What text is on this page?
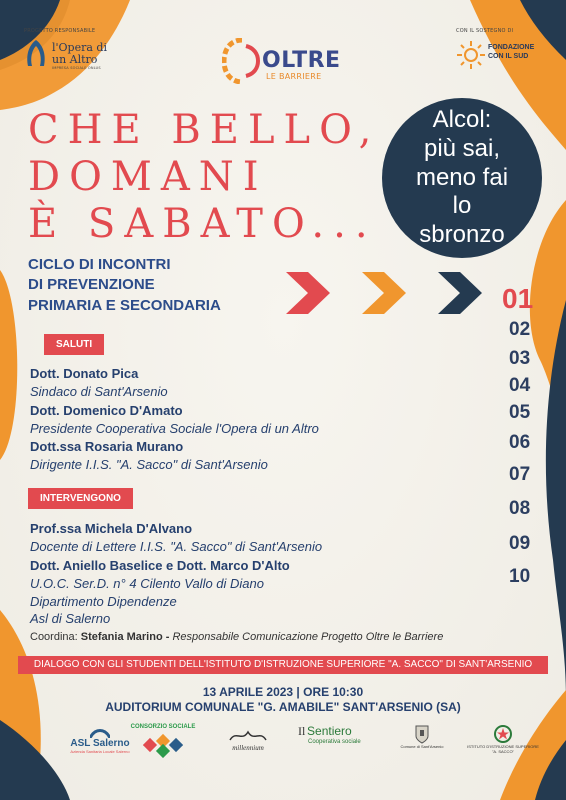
PROGETTO RESPONSABILE
l'Opera di un Altro
IMPRESA SOCIALE ONLUS	OLTRE
LE BARRIERE
CON IL SOSTEGNO DI
FONDAZIONE
CON IL SUD
CHE BELLO,
DOMANI
È SABATO...
Alcol:
più sai,
meno fai
lo
sbronzo
CICLO DI INCONTRI
DI PREVENZIONE
PRIMARIA E SECONDARIA	01
02
03
04
05
06
07
08
09
10
SALUTI
Dott. Donato Pica
Sindaco di Sant'Arsenio
Dott. Domenico D'Amato
Presidente Cooperativa Sociale l'Opera di un Altro
Dott.ssa Rosaria Murano
Dirigente I.I.S. "A. Sacco" di Sant'Arsenio
INTERVENGONO
Prof.ssa Michela D'Alvano
Docente di Lettere I.I.S. "A. Sacco" di Sant'Arsenio
Dott. Aniello Baselice e Dott. Marco D'Alto
U.O.C. Ser.D. n° 4 Cilento Vallo di Diano
Dipartimento Dipendenze
Asl di Salerno
Coordina: Stefania Marino - Responsabile Comunicazione Progetto Oltre le Barriere
DIALOGO CON GLI STUDENTI DELL'ISTITUTO D'ISTRUZIONE SUPERIORE "A. SACCO" DI SANT'ARSENIO
13 APRILE 2023 | ORE 10:30
AUDITORIUM COMUNALE "G. AMABILE" SANT'ARSENIO (SA)
ASL Salerno
Azienda Sanitaria Locale Salerno
CONSORZIO SOCIALE
millennium
Il Sentiero
Cooperativa sociale
Comune di Sant'Arsenio	ISTITUTO D'ISTRUZIONE SUPERIORE
"A. SACCO"
